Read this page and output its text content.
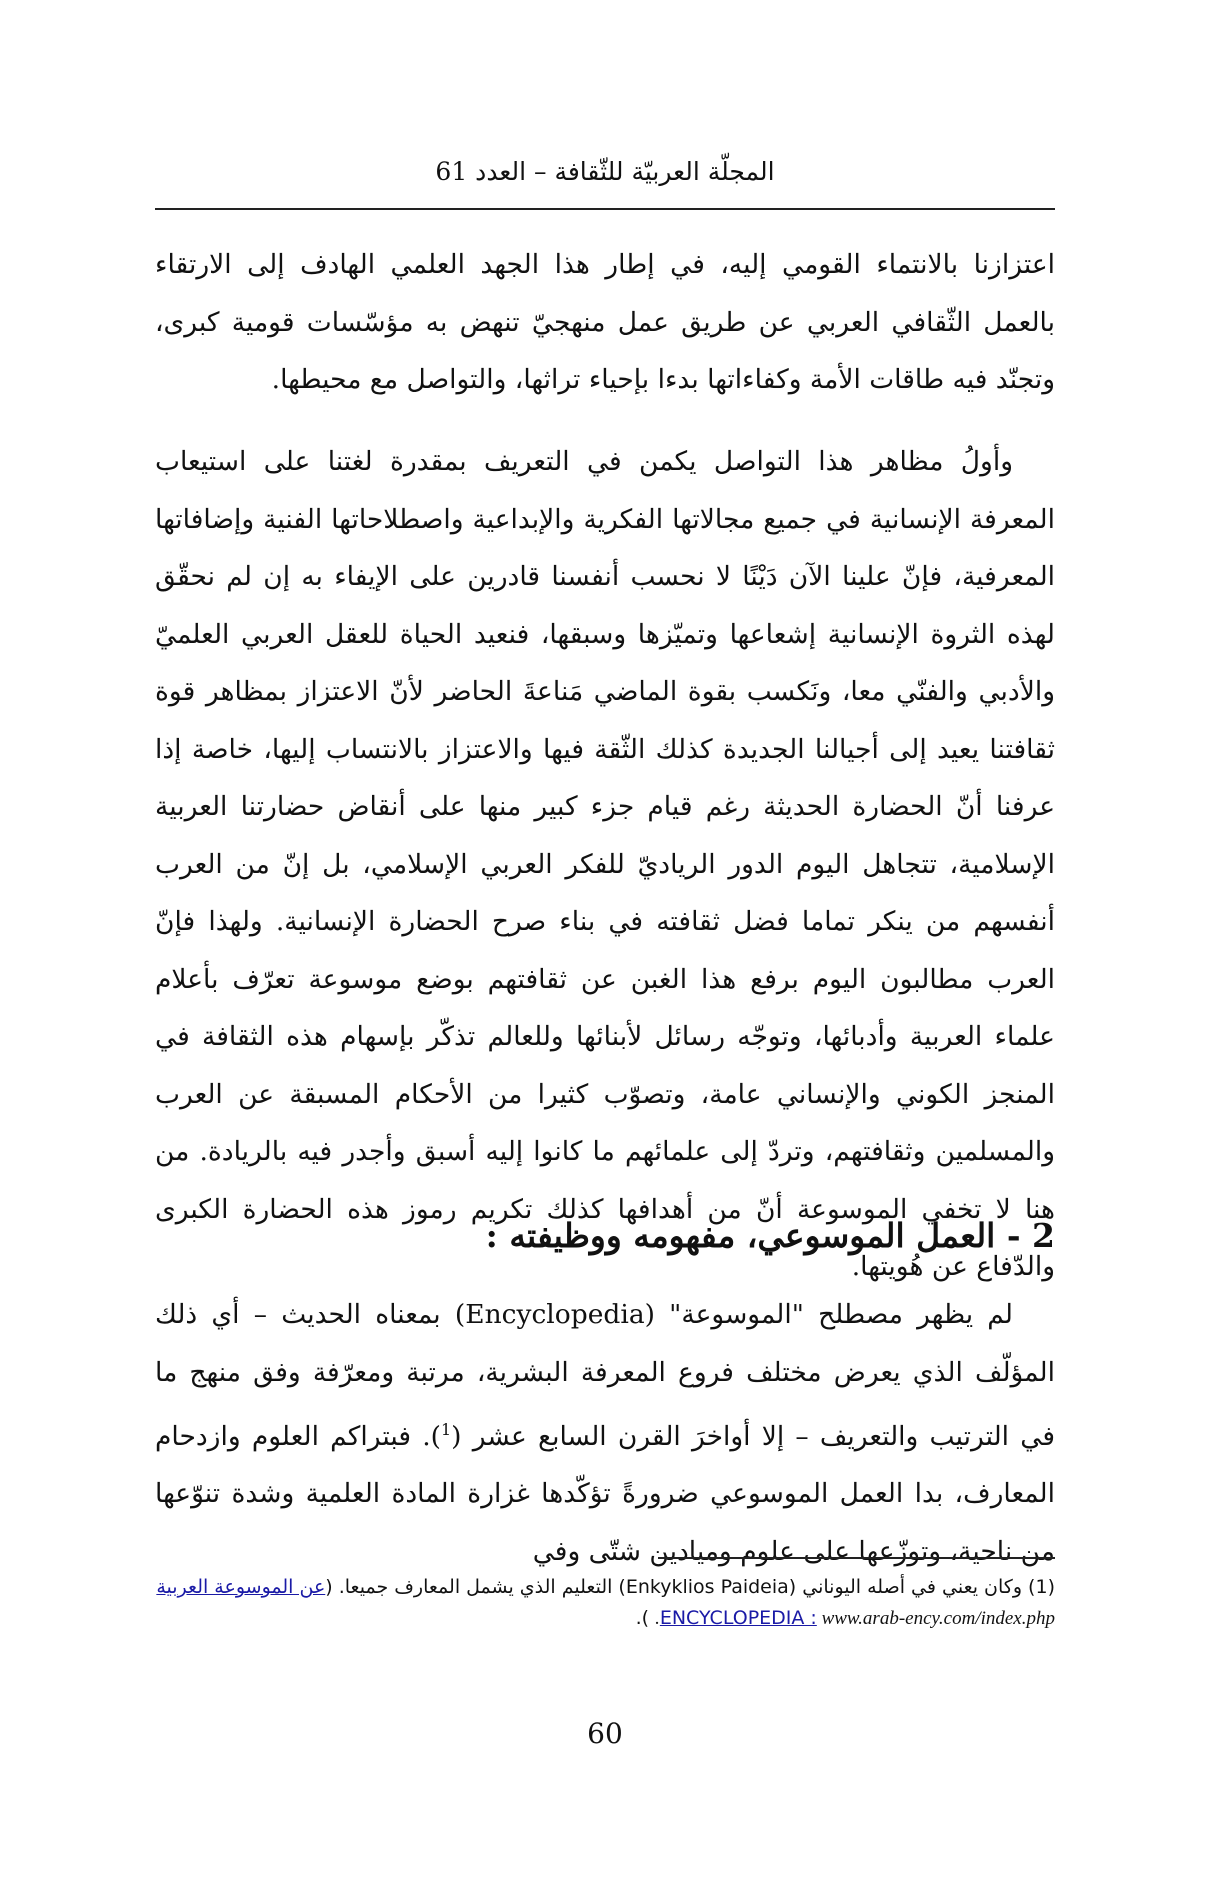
المجلّة العربيّة للثّقافة – العدد 61

اعتزازنا بالانتماء القومي إليه، في إطار هذا الجهد العلمي الهادف إلى الارتقاء بالعمل الثّقافي العربي عن طريق عمل منهجيّ تنهض به مؤسّسات قومية كبرى، وتجنّد فيه طاقات الأمة وكفاءاتها بدءا بإحياء تراثها، والتواصل مع محيطها.

وأولُ مظاهر هذا التواصل يكمن في التعريف بمقدرة لغتنا على استيعاب المعرفة الإنسانية في جميع مجالاتها الفكرية والإبداعية واصطلاحاتها الفنية وإضافاتها المعرفية، فإنّ علينا الآن دَيْنًا لا نحسب أنفسنا قادرين على الإيفاء به إن لم نحقّق لهذه الثروة الإنسانية إشعاعها وتميّزها وسبقها، فنعيد الحياة للعقل العربي العلميّ والأدبي والفنّي معا، ونَكسب بقوة الماضي مَناعةَ الحاضر لأنّ الاعتزاز بمظاهر قوة ثقافتنا يعيد إلى أجيالنا الجديدة كذلك الثّقة فيها والاعتزاز بالانتساب إليها، خاصة إذا عرفنا أنّ الحضارة الحديثة رغم قيام جزء كبير منها على أنقاض حضارتنا العربية الإسلامية، تتجاهل اليوم الدور الرياديّ للفكر العربي الإسلامي، بل إنّ من العرب أنفسهم من ينكر تماما فضل ثقافته في بناء صرح الحضارة الإنسانية. ولهذا فإنّ العرب مطالبون اليوم برفع هذا الغبن عن ثقافتهم بوضع موسوعة تعرّف بأعلام علماء العربية وأدبائها، وتوجّه رسائل لأبنائها وللعالم تذكّر بإسهام هذه الثقافة في المنجز الكوني والإنساني عامة، وتصوّب كثيرا من الأحكام المسبقة عن العرب والمسلمين وثقافتهم، وتردّ إلى علمائهم ما كانوا إليه أسبق وأجدر فيه بالريادة. من هنا لا تخفي الموسوعة أنّ من أهدافها كذلك تكريم رموز هذه الحضارة الكبرى والدّفاع عن هُويتها.

2 - العمل الموسوعي، مفهومه ووظيفته :

لم يظهر مصطلح "الموسوعة" (Encyclopedia) بمعناه الحديث – أي ذلك المؤلّف الذي يعرض مختلف فروع المعرفة البشرية، مرتبة ومعرّفة وفق منهج ما في الترتيب والتعريف – إلا أواخرَ القرن السابع عشر ($^1$). فبتراكم العلوم وازدحام المعارف، بدا العمل الموسوعي ضرورةً تؤكّدها غزارة المادة العلمية وشدة تنوّعها من ناحية، وتوزّعها على علوم وميادين شتّى وفي

(1) وكان يعني في أصله اليوناني (Enkyklios Paideia) التعليم الذي يشمل المعارف جميعا. (عن الموسوعة العربية ENCYCLOPEDIA : www.arab-ency.com/index.php. ).
60
